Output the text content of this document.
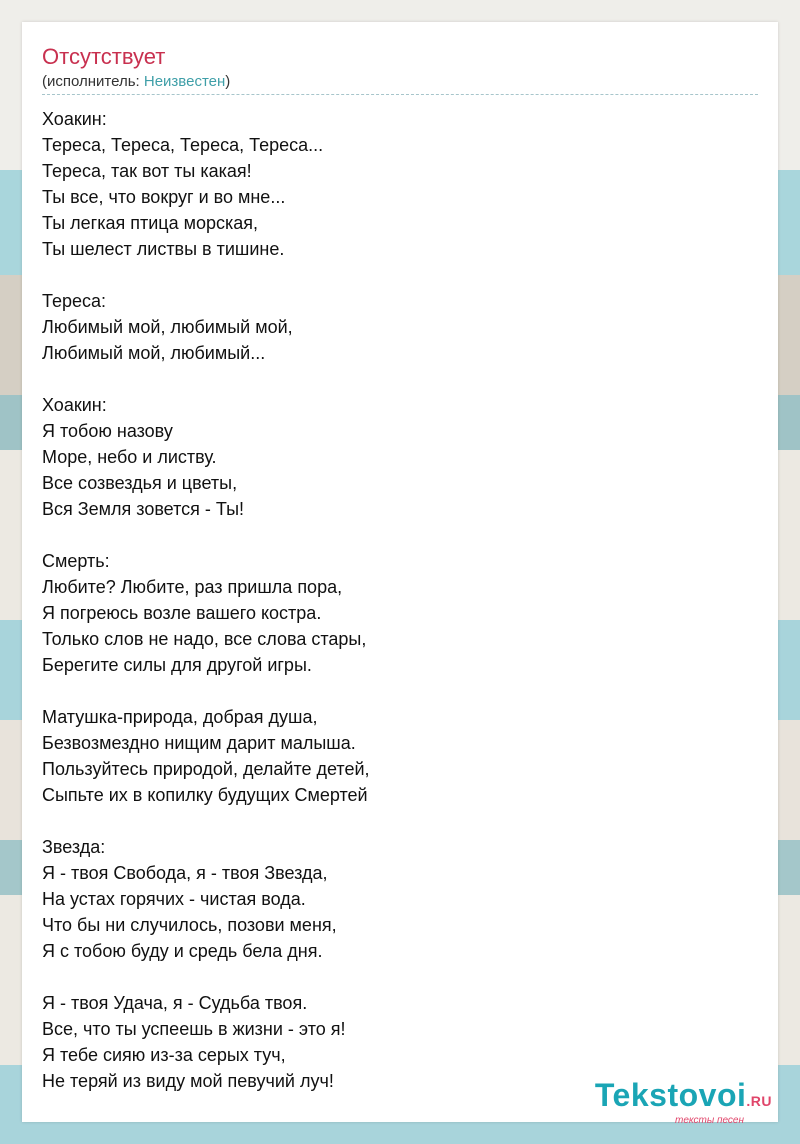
Отсутствует
(исполнитель: Неизвестен)
Хоакин:
Тереса, Тереса, Тереса, Тереса...
Тереса, так вот ты какая!
Ты все, что вокруг и во мне...
Ты легкая птица морская,
Ты шелест листвы в тишине.
Тереса:
Любимый мой, любимый мой,
Любимый мой, любимый...
Хоакин:
Я тобою назову
Море, небо и листву.
Все созвездья и цветы,
Вся Земля зовется - Ты!
Смерть:
Любите? Любите, раз пришла пора,
Я погреюсь возле вашего костра.
Только слов не надо, все слова стары,
Берегите силы для другой игры.
Матушка-природа, добрая душа,
Безвозмездно нищим дарит малыша.
Пользуйтесь природой, делайте детей,
Сыпьте их в копилку будущих Смертей
Звезда:
Я - твоя Свобода, я - твоя Звезда,
На устах горячих - чистая вода.
Что бы ни случилось, позови меня,
Я с тобою буду и средь бела дня.
Я - твоя Удача, я - Судьба твоя.
Все, что ты успеешь в жизни - это я!
Я тебе сияю из-за серых туч,
Не теряй из виду мой певучий луч!	Tekstovoi.RU
тексты песен
